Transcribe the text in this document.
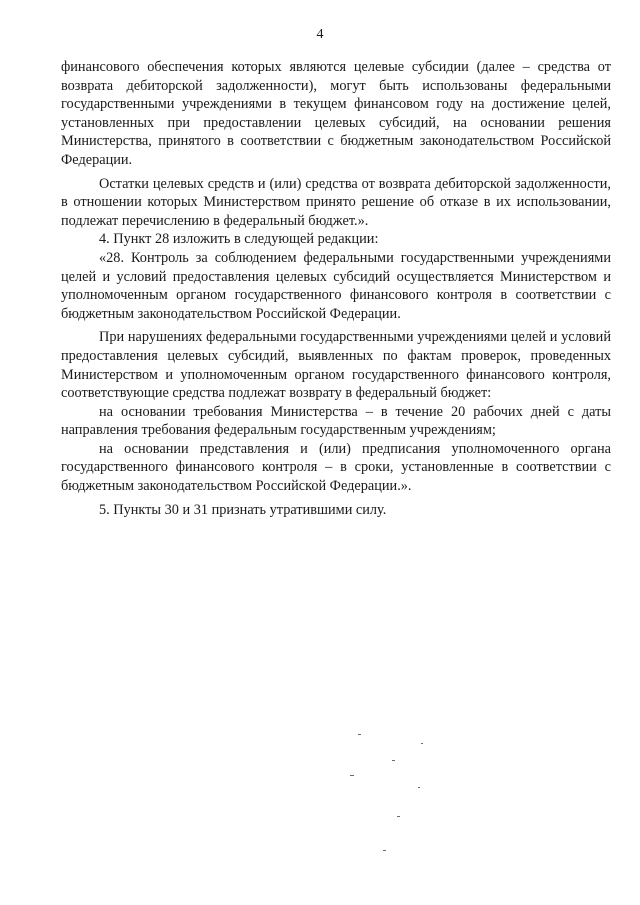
4

финансового обеспечения которых являются целевые субсидии (далее – средства от возврата дебиторской задолженности), могут быть использованы федеральными государственными учреждениями в текущем финансовом году на достижение целей, установленных при предоставлении целевых субсидий, на основании решения Министерства, принятого в соответствии с бюджетным законодательством Российской Федерации.

Остатки целевых средств и (или) средства от возврата дебиторской задолженности, в отношении которых Министерством принято решение об отказе в их использовании, подлежат перечислению в федеральный бюджет.».

4. Пункт 28 изложить в следующей редакции:

«28. Контроль за соблюдением федеральными государственными учреждениями целей и условий предоставления целевых субсидий осуществляется Министерством и уполномоченным органом государственного финансового контроля в соответствии с бюджетным законодательством Российской Федерации.

При нарушениях федеральными государственными учреждениями целей и условий предоставления целевых субсидий, выявленных по фактам проверок, проведенных Министерством и уполномоченным органом государственного финансового контроля, соответствующие средства подлежат возврату в федеральный бюджет:

на основании требования Министерства – в течение 20 рабочих дней с даты направления требования федеральным государственным учреждениям;

на основании представления и (или) предписания уполномоченного органа государственного финансового контроля – в сроки, установленные в соответствии с бюджетным законодательством Российской Федерации.».

5. Пункты 30 и 31 признать утратившими силу.
